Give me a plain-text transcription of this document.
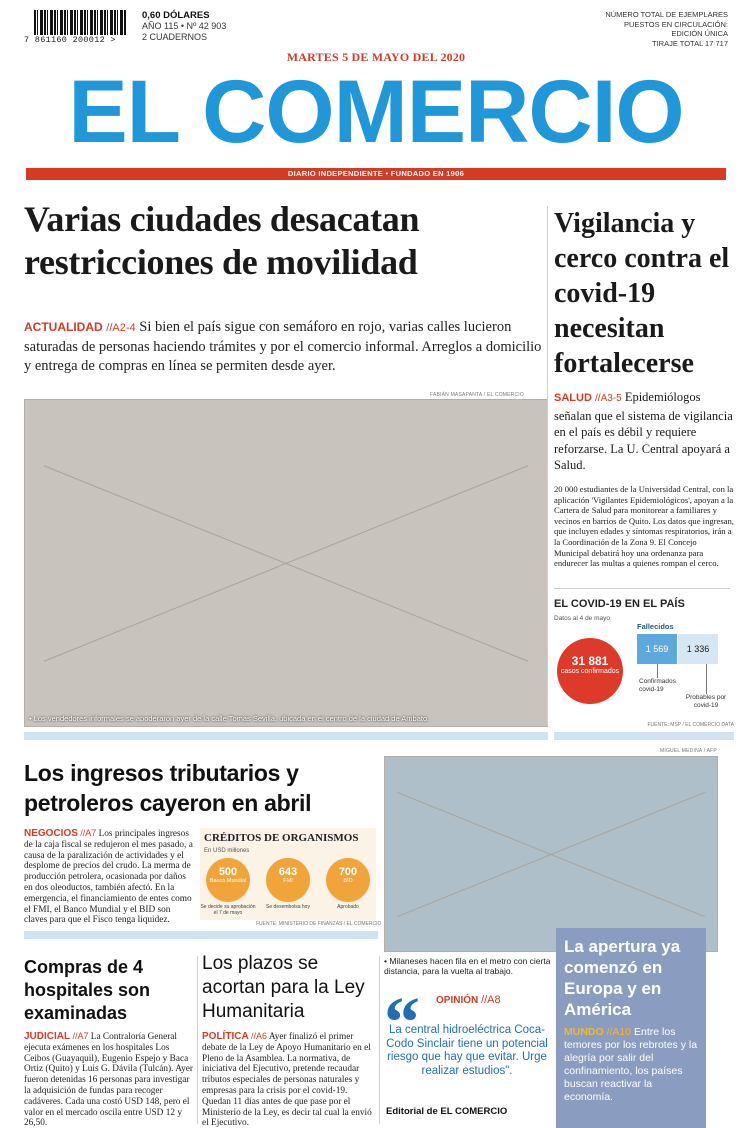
7 861160 200012 >
0,60 DÓLARES
AÑO 115 • Nº 42 903
2 CUADERNOS
NÚMERO TOTAL DE EJEMPLARES
PUESTOS EN CIRCULACIÓN:
EDICIÓN ÚNICA
TIRAJE TOTAL 17 717
MARTES 5 DE MAYO DEL 2020
EL COMERCIO
DIARIO INDEPENDIENTE • FUNDADO EN 1906
Varias ciudades desacatan restricciones de movilidad
ACTUALIDAD //A2-4 Si bien el país sigue con semáforo en rojo, varias calles lucieron saturadas de personas haciendo trámites y por el comercio informal. Arreglos a domicilio y entrega de compras en línea se permiten desde ayer.
FABIÁN MASAPANTA / EL COMERCIO
• Los vendedores informales se apoderaron ayer de la calle Tomás Sevilla, ubicada en el centro de la ciudad de Ambato.
Vigilancia y cerco contra el covid-19 necesitan fortalecerse
SALUD //A3-5 Epidemiólogos señalan que el sistema de vigilancia en el país es débil y requiere reforzarse. La U. Central apoyará a Salud.
20 000 estudiantes de la Universidad Central, con la aplicación 'Vigilantes Epidemiológicos', apoyan a la Cartera de Salud para monitorear a familiares y vecinos en barrios de Quito. Los datos que ingresan, que incluyen edades y síntomas respiratorios, irán a la Coordinación de la Zona 9. El Concejo Municipal debatirá hoy una ordenanza para endurecer las multas a quienes rompan el cerco.
EL COVID-19 EN EL PAÍS
Datos al 4 de mayo
31 881
casos confirmados
Fallecidos
1 569	1 336
Confirmados covid-19
Probables por covid-19
FUENTE: MSP / EL COMERCIO DATA
Los ingresos tributarios y petroleros cayeron en abril
NEGOCIOS //A7 Los principales ingresos de la caja fiscal se redujeron el mes pasado, a causa de la paralización de actividades y el desplome de precios del crudo. La merma de producción petrolera, ocasionada por daños en dos oleoductos, también afectó. En la emergencia, el financiamiento de entes como el FMI, el Banco Mundial y el BID son claves para que el Fisco tenga liquidez.
CRÉDITOS DE ORGANISMOS
En USD millones
500
Banco Mundial
643
FMI
700
BID
Se decide su aprobación el 7 de mayo
Se desembolsa hoy	Aprobado
FUENTE: MINISTERIO DE FINANZAS / EL COMERCIO
MIGUEL MEDINA / AFP
• Milaneses hacen fila en el metro con cierta distancia, para la vuelta al trabajo.
La apertura ya comenzó en Europa y en América
MUNDO //A10 Entre los temores por los rebrotes y la alegría por salir del confinamiento, los países buscan reactivar la economía.
Compras de 4 hospitales son examinadas
JUDICIAL //A7 La Contraloría General ejecuta exámenes en los hospitales Los Ceibos (Guayaquil), Eugenio Espejo y Baca Ortiz (Quito) y Luis G. Dávila (Tulcán). Ayer fueron detenidas 16 personas para investigar la adquisición de fundas para recoger cadáveres. Cada una costó USD 148, pero el valor en el mercado oscila entre USD 12 y 26,50.
Los plazos se acortan para la Ley Humanitaria
POLÍTICA //A6 Ayer finalizó el primer debate de la Ley de Apoyo Humanitario en el Pleno de la Asamblea. La normativa, de iniciativa del Ejecutivo, pretende recaudar tributos especiales de personas naturales y empresas para la crisis por el covid-19. Quedan 11 días antes de que pase por el Ministerio de la Ley, es decir tal cual la envió el Ejecutivo.
“ OPINIÓN //A8
La central hidroeléctrica Coca-Codo Sinclair tiene un potencial riesgo que hay que evitar. Urge realizar estudios".
Editorial de EL COMERCIO
